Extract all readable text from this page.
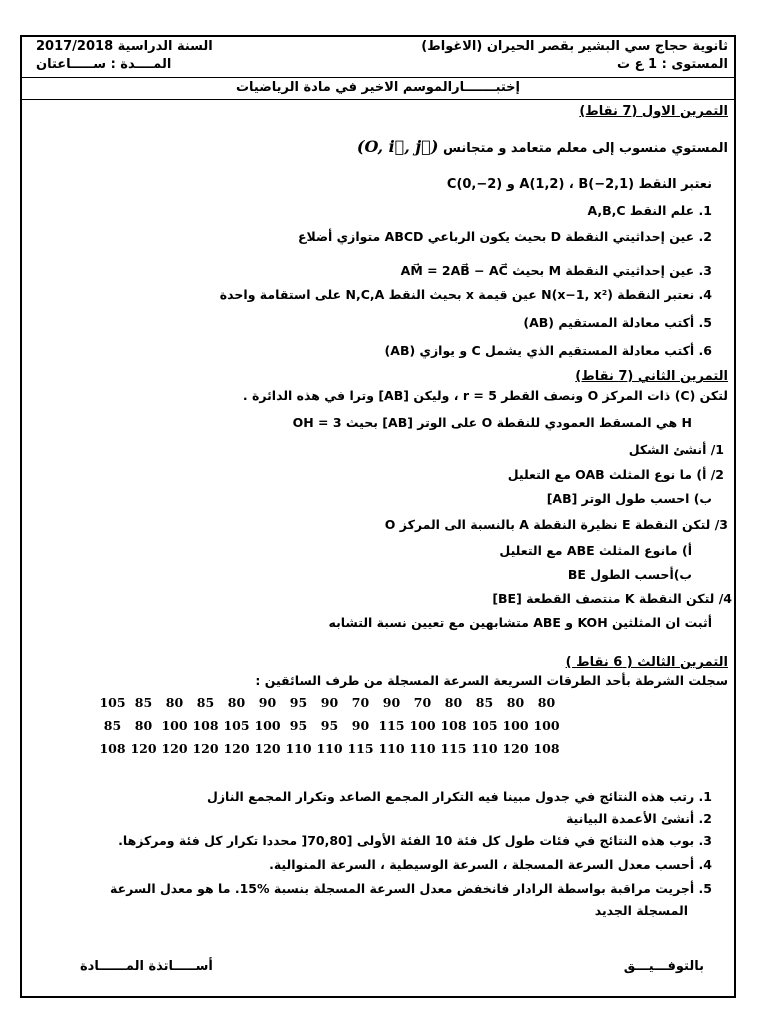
ثانوية حجاج سي البشير بقصر الحيران (الاغواط)
السنة الدراسية 2017/2018
المستوى : 1 ع ت
المــــدة : ســـــاعتان
إختبـــــــارالموسم الاخير في مادة الرياضيات
التمرين الاول (7 نقاط)
المستوي منسوب إلى معلم متعامد و متجانس (O, i⃗, j⃗)
نعتبر النقط A(1,2) ، B(−2,1) و C(0,−2)
1. علم النقط A,B,C
2. عين إحداثيتي النقطة D بحيث يكون الرباعي ABCD متوازي أضلاع
3. عين إحداثيتي النقطة M بحيث AM⃗ = 2AB⃗ − AC⃗
4. نعتبر النقطة N(x−1, x²) عين قيمة x بحيث النقط N,C,A على استقامة واحدة
5. أكتب معادلة المستقيم (AB)
6. أكتب معادلة المستقيم الذي يشمل C و يوازي (AB)
التمرين الثاني (7 نقاط)
لتكن (C) ذات المركز O ونصف القطر r = 5 ، وليكن [AB] وترا في هذه الدائرة .
H هي المسقط العمودي للنقطة O على الوتر [AB] بحيث OH = 3
1/ أنشئ الشكل
2/ أ) ما نوع المثلث OAB مع التعليل
ب) احسب طول الوتر [AB]
3/ لتكن النقطة E نظيرة النقطة A بالنسبة الى المركز O
أ) مانوع المثلث ABE مع التعليل
ب)أحسب الطول BE
4/ لتكن النقطة K منتصف القطعة [BE]
أثبت ان المثلثين KOH و ABE متشابهين مع تعيين نسبة التشابه
التمرين الثالث ( 6 نقاط )
سجلت الشرطة بأحد الطرقات السريعة السرعة المسجلة من طرف السائقين :
105	85	80	85	80	90	95	90	70	90	70	80	85	80	80
85	80	100	108	105	100	95	95	90	115	100	108	105	100	100
108	120	120	120	120	120	110	110	115	110	110	115	110	120	108
1. رتب هذه النتائج في جدول مبينا فيه التكرار المجمع الصاعد وتكرار المجمع النازل
2. أنشئ الأعمدة البيانية
3. بوب هذه النتائج في فئات طول كل فئة 10 الفئة الأولى [70,80[ محددا تكرار كل فئة ومركزها.
4. أحسب معدل السرعة المسجلة ، السرعة الوسيطية ، السرعة المنوالية.
5. أجريت مراقبة بواسطة الرادار فانخفض معدل السرعة المسجلة بنسبة %15. ما هو معدل السرعة
المسجلة الجديد
بالتوفـــيـــق
أســـــاتذة المــــــادة
